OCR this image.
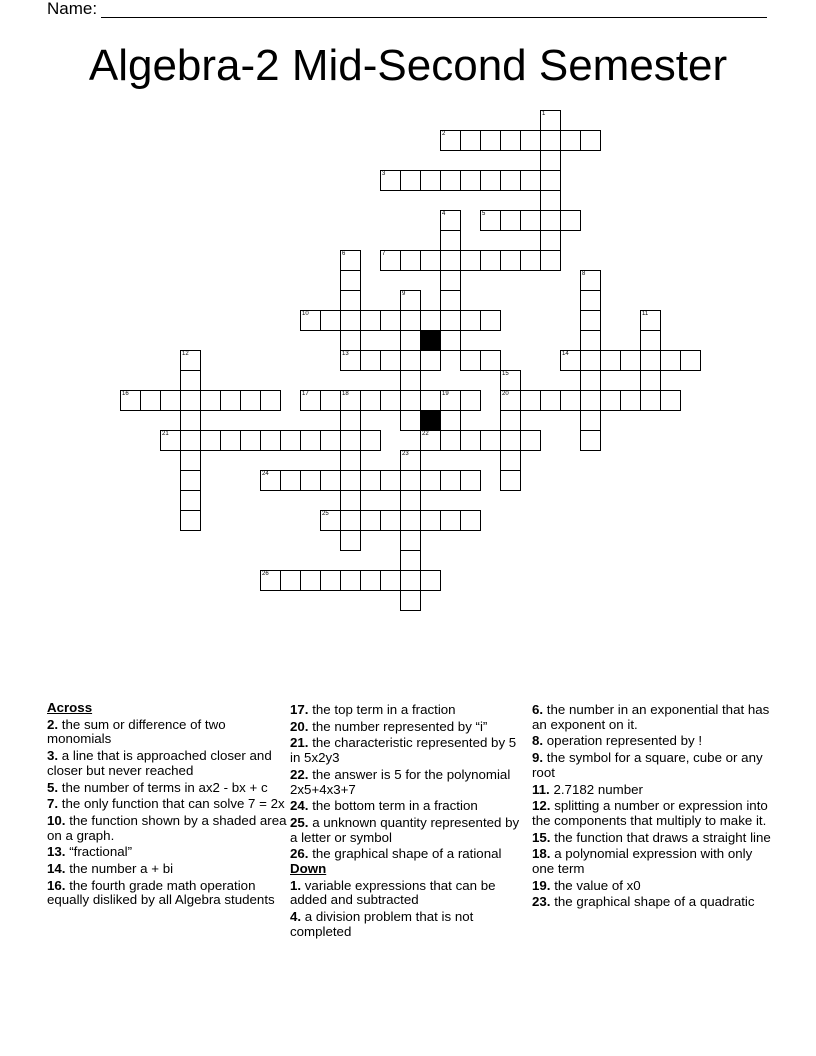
Name:
Algebra-2 Mid-Second Semester
1
2
3
5
4
7
6
13
8
9
10	11
12	14
15
20
16	17	18	19
21	22
23
24
25
26
Across
2. the sum or difference of two monomials
3. a line that is approached closer and closer but never reached
5. the number of terms in ax2 - bx + c
7. the only function that can solve 7 = 2x
10. the function shown by a shaded area on a graph.
13. “fractional”
14. the number a + bi
16. the fourth grade math operation equally disliked by all Algebra students
17. the top term in a fraction
20. the number represented by “i”
21. the characteristic represented by 5 in 5x2y3
22. the answer is 5 for the polynomial 2x5+4x3+7
24. the bottom term in a fraction
25. a unknown quantity represented by a letter or symbol
26. the graphical shape of a rational
Down
1. variable expressions that can be added and subtracted
4. a division problem that is not completed
6. the number in an exponential that has an exponent on it.
8. operation represented by !
9. the symbol for a square, cube or any root
11. 2.7182 number
12. splitting a number or expression into the components that multiply to make it.
15. the function that draws a straight line
18. a polynomial expression with only one term
19. the value of x0
23. the graphical shape of a quadratic
